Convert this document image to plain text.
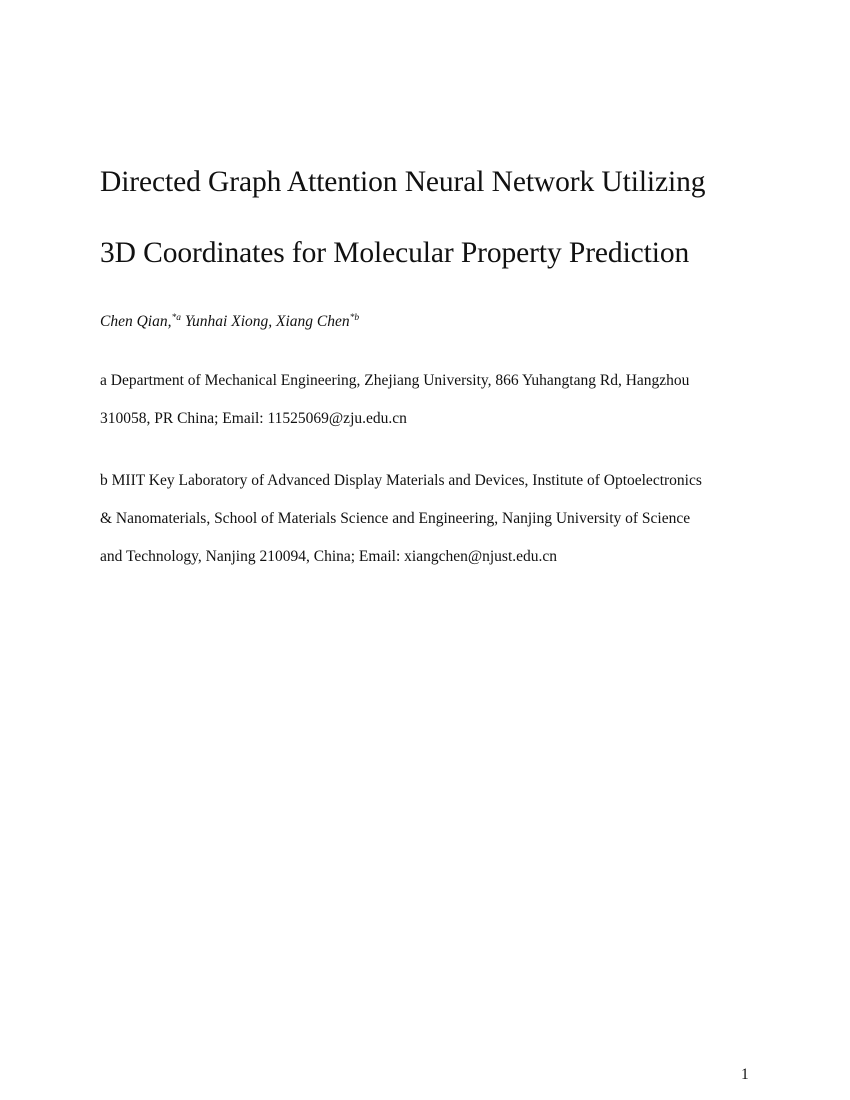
Directed Graph Attention Neural Network Utilizing
3D Coordinates for Molecular Property Prediction
Chen Qian,$^{*a}$ Yunhai Xiong, Xiang Chen$^{*b}$

a Department of Mechanical Engineering, Zhejiang University, 866 Yuhangtang Rd, Hangzhou
310058, PR China; Email: 11525069@zju.edu.cn

b MIIT Key Laboratory of Advanced Display Materials and Devices, Institute of Optoelectronics
& Nanomaterials, School of Materials Science and Engineering, Nanjing University of Science
and Technology, Nanjing 210094, China; Email: xiangchen@njust.edu.cn

1
